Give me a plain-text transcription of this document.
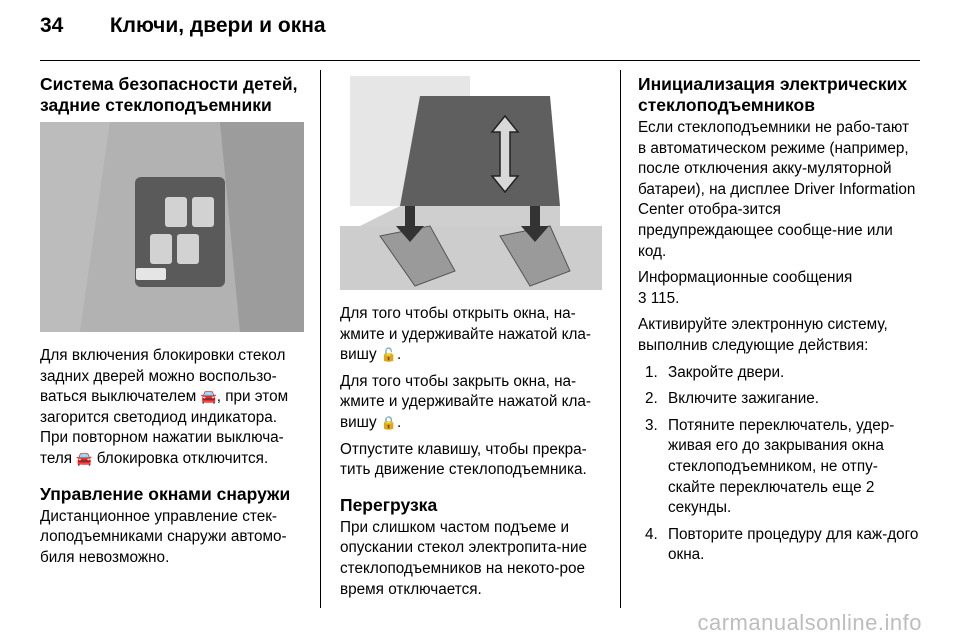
34 Ключи, двери и окна
Система безопасности детей, задние стеклоподъемники

Для включения блокировки стекол задних дверей можно воспользо-ваться выключателем 🚘, при этом загорится светодиод индикатора. При повторном нажатии выключа-теля 🚘 блокировка отключится.

Управление окнами снаружи

Дистанционное управление стек-лоподъемниками снаружи автомо-биля невозможно.

Для того чтобы открыть окна, на-жмите и удерживайте нажатой кла-вишу 🔓.

Для того чтобы закрыть окна, на-жмите и удерживайте нажатой кла-вишу 🔒.

Отпустите клавишу, чтобы прекра-тить движение стеклоподъемника.

Перегрузка

При слишком частом подъеме и опускании стекол электропита-ние стеклоподъемников на некото-рое время отключается.

Инициализация электрических стеклоподъемников

Если стеклоподъемники не рабо-тают в автоматическом режиме (например, после отключения акку-муляторной батареи), на дисплее Driver Information Center отобра-зится предупреждающее сообще-ние или код.

Информационные сообщения
3 115.

Активируйте электронную систему, выполнив следующие действия:

1. Закройте двери.
2. Включите зажигание.
3. Потяните переключатель, удер-живая его до закрывания окна стеклоподъемником, не отпу-скайте переключатель еще 2 секунды.
4. Повторите процедуру для каж-дого окна.
carmanualsonline.info
